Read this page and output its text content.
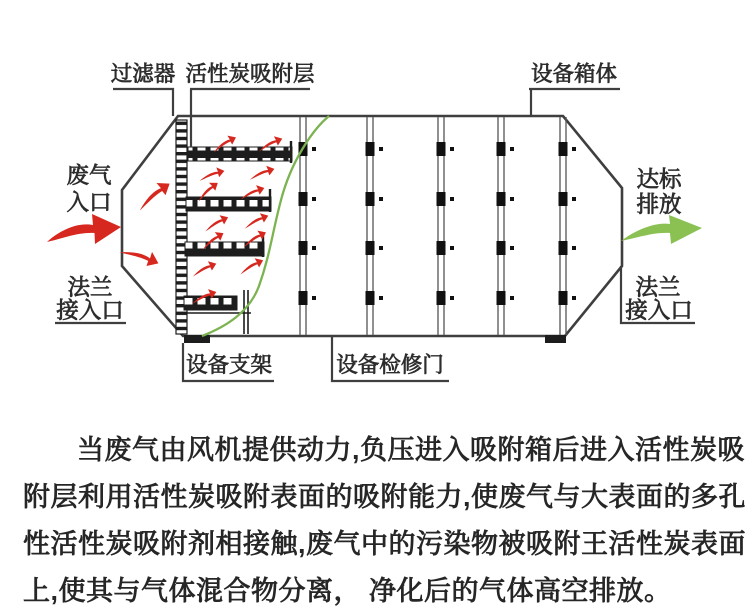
过滤器 活性炭吸附层	设备箱体
废气
入口
法兰
接入口
达标
排放
法兰
接入口
设备支架	设备检修门
当废气由风机提供动力,负压进入吸附箱后进入活性炭吸
附层利用活性炭吸附表面的吸附能力,使废气与大表面的多孔
性活性炭吸附剂相接触,废气中的污染物被吸附王活性炭表面
上,使其与气体混合物分离， 净化后的气体高空排放。
